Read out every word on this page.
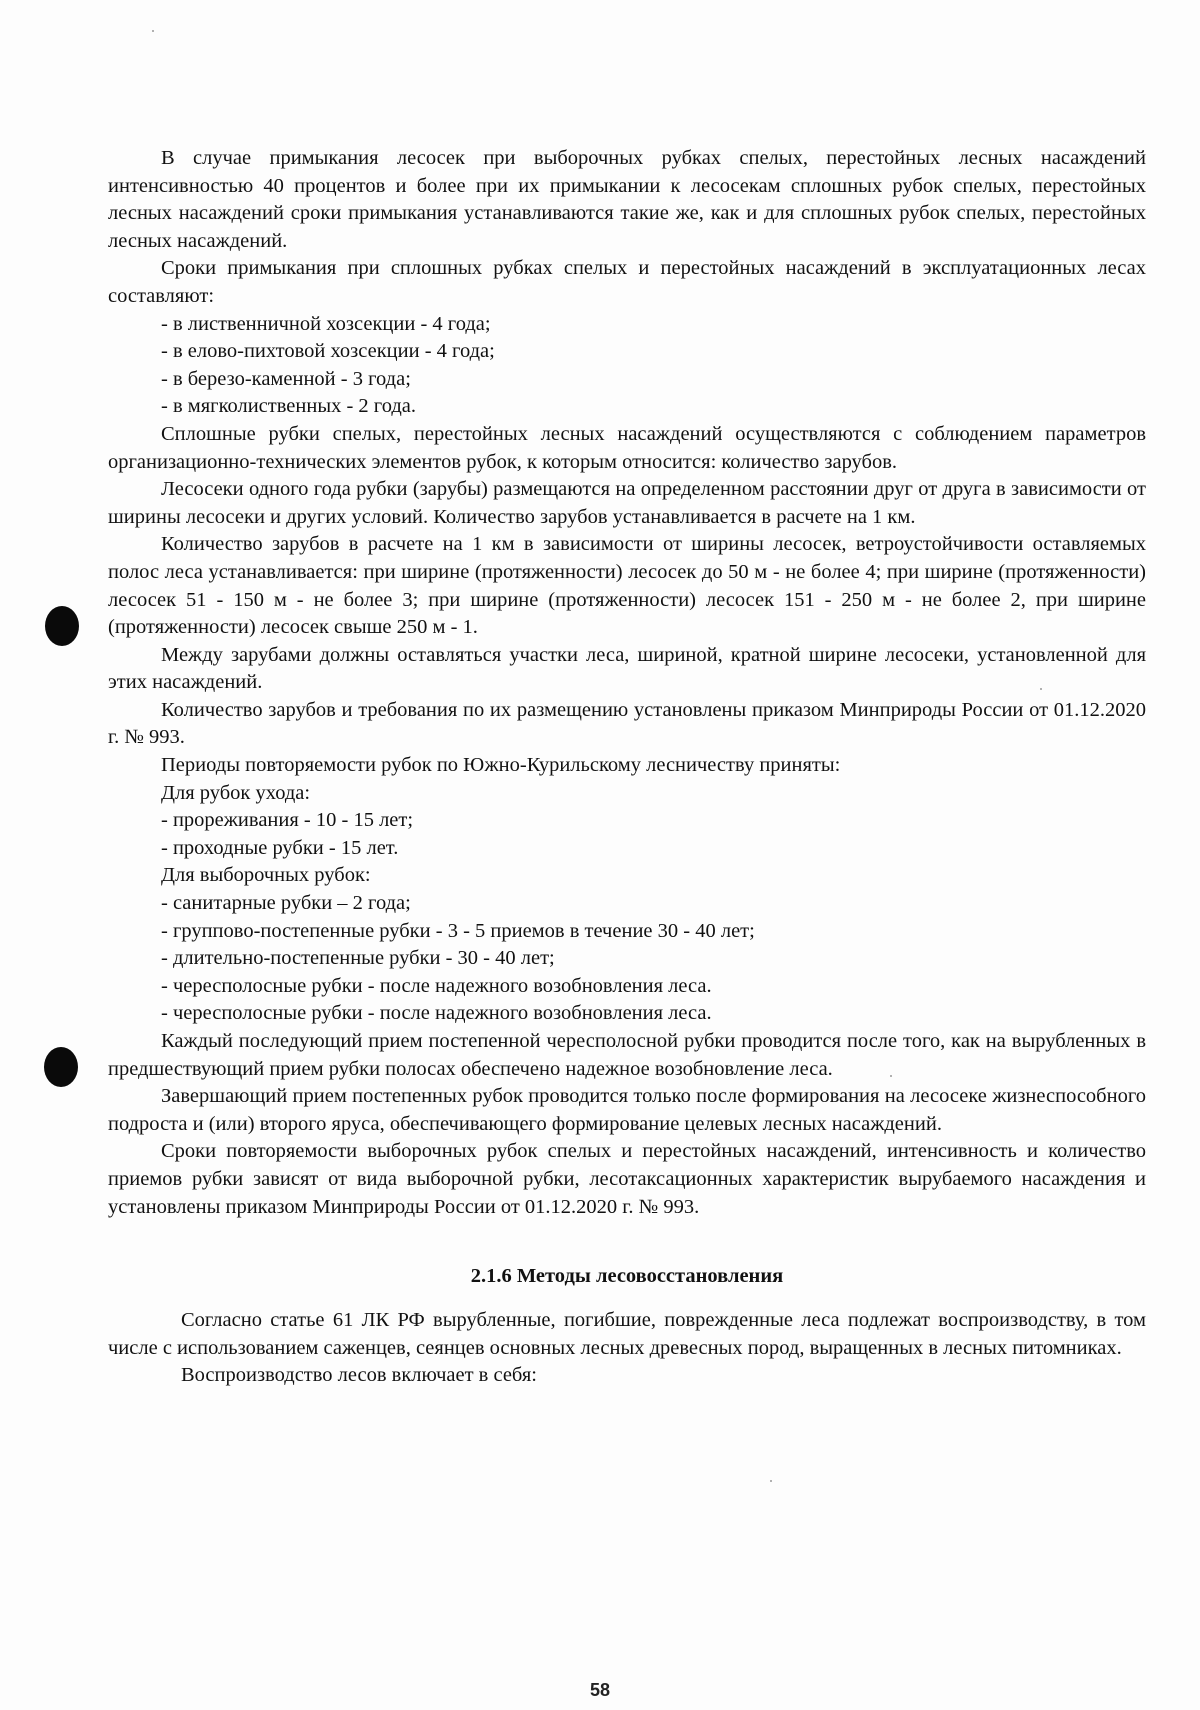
В случае примыкания лесосек при выборочных рубках спелых, перестойных лесных насаждений интенсивностью 40 процентов и более при их примыкании к лесосекам сплошных рубок спелых, перестойных лесных насаждений сроки примыкания устанавливаются такие же, как и для сплошных рубок спелых, перестойных лесных насаждений.

Сроки примыкания при сплошных рубках спелых и перестойных насаждений в эксплуатационных лесах составляют:

- в лиственничной хозсекции - 4 года;

- в елово-пихтовой хозсекции - 4 года;

- в березо-каменной - 3 года;

- в мягколиственных - 2 года.

Сплошные рубки спелых, перестойных лесных насаждений осуществляются с соблюдением параметров организационно-технических элементов рубок, к которым относится: количество зарубов.

Лесосеки одного года рубки (зарубы) размещаются на определенном расстоянии друг от друга в зависимости от ширины лесосеки и других условий. Количество зарубов устанавливается в расчете на 1 км.

Количество зарубов в расчете на 1 км в зависимости от ширины лесосек, ветроустойчивости оставляемых полос леса устанавливается: при ширине (протяженности) лесосек до 50 м - не более 4; при ширине (протяженности) лесосек 51 - 150 м - не более 3; при ширине (протяженности) лесосек 151 - 250 м - не более 2, при ширине (протяженности) лесосек свыше 250 м - 1.

Между зарубами должны оставляться участки леса, шириной, кратной ширине лесосеки, установленной для этих насаждений.

Количество зарубов и требования по их размещению установлены приказом Минприроды России от 01.12.2020 г. № 993.

Периоды повторяемости рубок по Южно-Курильскому лесничеству приняты:

Для рубок ухода:

- прореживания - 10 - 15 лет;

- проходные рубки - 15 лет.

Для выборочных рубок:

- санитарные рубки – 2 года;

- группово-постепенные рубки - 3 - 5 приемов в течение 30 - 40 лет;

- длительно-постепенные рубки - 30 - 40 лет;

- чересполосные рубки - после надежного возобновления леса.

- чересполосные рубки - после надежного возобновления леса.

Каждый последующий прием постепенной чересполосной рубки проводится после того, как на вырубленных в предшествующий прием рубки полосах обеспечено надежное возобновление леса.

Завершающий прием постепенных рубок проводится только после формирования на лесосеке жизнеспособного подроста и (или) второго яруса, обеспечивающего формирование целевых лесных насаждений.

Сроки повторяемости выборочных рубок спелых и перестойных насаждений, интенсивность и количество приемов рубки зависят от вида выборочной рубки, лесотаксационных характеристик вырубаемого насаждения и установлены приказом Минприроды России от 01.12.2020 г. № 993.

2.1.6 Методы лесовосстановления

Согласно статье 61 ЛК РФ вырубленные, погибшие, поврежденные леса подлежат воспроизводству, в том числе с использованием саженцев, сеянцев основных лесных древесных пород, выращенных в лесных питомниках.

Воспроизводство лесов включает в себя:

58
